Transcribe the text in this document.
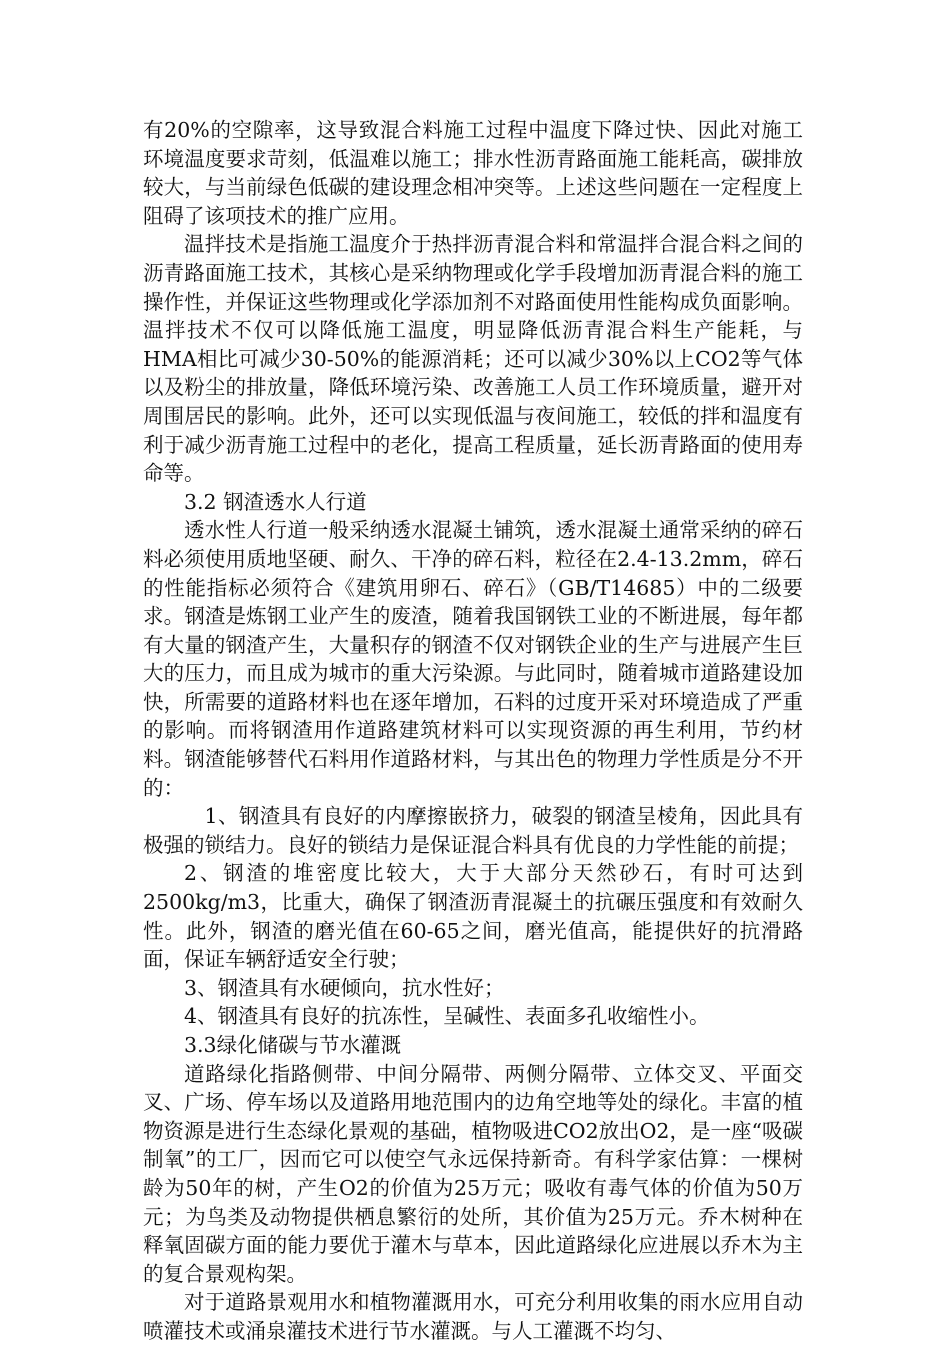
有20%的空隙率，这导致混合料施工过程中温度下降过快、因此对施工环境温度要求苛刻，低温难以施工；排水性沥青路面施工能耗高，碳排放较大，与当前绿色低碳的建设理念相冲突等。上述这些问题在一定程度上阻碍了该项技术的推广应用。

温拌技术是指施工温度介于热拌沥青混合料和常温拌合混合料之间的沥青路面施工技术，其核心是采纳物理或化学手段增加沥青混合料的施工操作性，并保证这些物理或化学添加剂不对路面使用性能构成负面影响。温拌技术不仅可以降低施工温度，明显降低沥青混合料生产能耗，与HMA相比可减少30-50%的能源消耗；还可以减少30%以上CO2等气体以及粉尘的排放量，降低环境污染、改善施工人员工作环境质量，避开对周围居民的影响。此外，还可以实现低温与夜间施工，较低的拌和温度有利于减少沥青施工过程中的老化，提高工程质量，延长沥青路面的使用寿命等。

3.2 钢渣透水人行道

透水性人行道一般采纳透水混凝土铺筑，透水混凝土通常采纳的碎石料必须使用质地坚硬、耐久、干净的碎石料，粒径在2.4-13.2mm，碎石的性能指标必须符合《建筑用卵石、碎石》（GB/T14685）中的二级要求。钢渣是炼钢工业产生的废渣，随着我国钢铁工业的不断进展，每年都有大量的钢渣产生，大量积存的钢渣不仅对钢铁企业的生产与进展产生巨大的压力，而且成为城市的重大污染源。与此同时，随着城市道路建设加快，所需要的道路材料也在逐年增加，石料的过度开采对环境造成了严重的影响。而将钢渣用作道路建筑材料可以实现资源的再生利用，节约材料。钢渣能够替代石料用作道路材料，与其出色的物理力学性质是分不开的：

1、钢渣具有良好的内摩擦嵌挤力，破裂的钢渣呈棱角，因此具有极强的锁结力。良好的锁结力是保证混合料具有优良的力学性能的前提；

2、钢渣的堆密度比较大，大于大部分天然砂石，有时可达到2500kg/m3，比重大，确保了钢渣沥青混凝土的抗碾压强度和有效耐久性。此外，钢渣的磨光值在60-65之间，磨光值高，能提供好的抗滑路面，保证车辆舒适安全行驶；

3、钢渣具有水硬倾向，抗水性好；

4、钢渣具有良好的抗冻性，呈碱性、表面多孔收缩性小。

3.3绿化储碳与节水灌溉

道路绿化指路侧带、中间分隔带、两侧分隔带、立体交叉、平面交叉、广场、停车场以及道路用地范围内的边角空地等处的绿化。丰富的植物资源是进行生态绿化景观的基础，植物吸进CO2放出O2，是一座“吸碳制氧”的工厂，因而它可以使空气永远保持新奇。有科学家估算：一棵树龄为50年的树，产生O2的价值为25万元；吸收有毒气体的价值为50万元；为鸟类及动物提供栖息繁衍的处所，其价值为25万元。乔木树种在释氧固碳方面的能力要优于灌木与草本，因此道路绿化应进展以乔木为主的复合景观构架。

对于道路景观用水和植物灌溉用水，可充分利用收集的雨水应用自动喷灌技术或涌泉灌技术进行节水灌溉。与人工灌溉不均匀、
